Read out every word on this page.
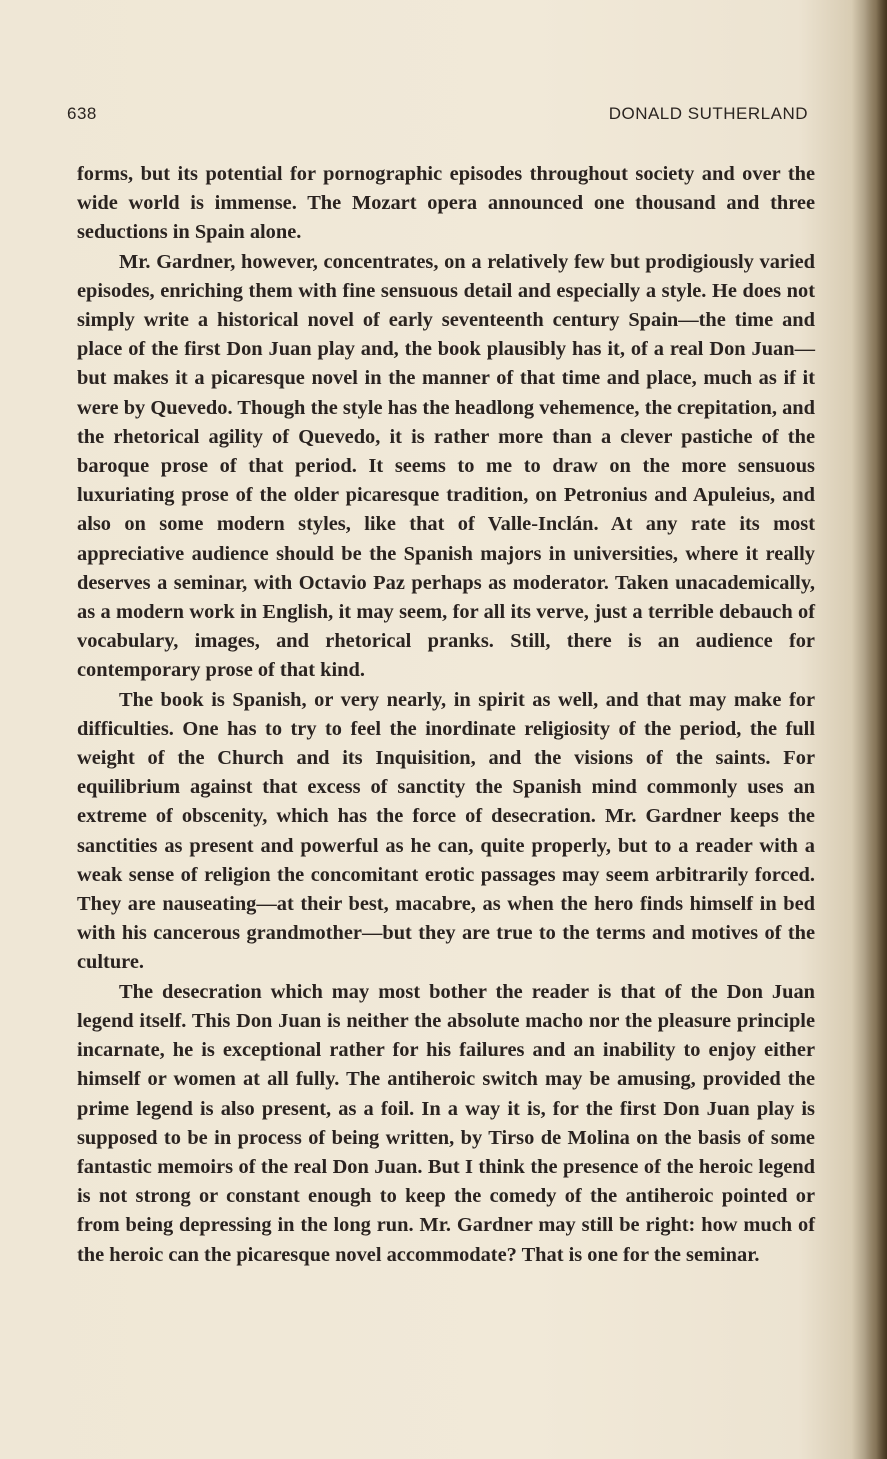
638	DONALD SUTHERLAND

forms, but its potential for pornographic episodes throughout society and over the wide world is immense. The Mozart opera announced one thousand and three seductions in Spain alone.

Mr. Gardner, however, concentrates, on a relatively few but prodigiously varied episodes, enriching them with fine sensuous detail and especially a style. He does not simply write a historical novel of early seventeenth century Spain—the time and place of the first Don Juan play and, the book plausibly has it, of a real Don Juan—but makes it a picaresque novel in the manner of that time and place, much as if it were by Quevedo. Though the style has the headlong vehemence, the crepitation, and the rhetorical agility of Quevedo, it is rather more than a clever pastiche of the baroque prose of that period. It seems to me to draw on the more sensuous luxuriating prose of the older picaresque tradition, on Petronius and Apuleius, and also on some modern styles, like that of Valle-Inclán. At any rate its most appreciative audience should be the Spanish majors in universities, where it really deserves a seminar, with Octavio Paz perhaps as moderator. Taken unacademically, as a modern work in English, it may seem, for all its verve, just a terrible debauch of vocabulary, images, and rhetorical pranks. Still, there is an audience for contemporary prose of that kind.

The book is Spanish, or very nearly, in spirit as well, and that may make for difficulties. One has to try to feel the inordinate religiosity of the period, the full weight of the Church and its Inquisition, and the visions of the saints. For equilibrium against that excess of sanctity the Spanish mind commonly uses an extreme of obscenity, which has the force of desecration. Mr. Gardner keeps the sanctities as present and powerful as he can, quite properly, but to a reader with a weak sense of religion the concomitant erotic passages may seem arbitrarily forced. They are nauseating—at their best, macabre, as when the hero finds himself in bed with his cancerous grandmother—but they are true to the terms and motives of the culture.

The desecration which may most bother the reader is that of the Don Juan legend itself. This Don Juan is neither the absolute macho nor the pleasure principle incarnate, he is exceptional rather for his failures and an inability to enjoy either himself or women at all fully. The antiheroic switch may be amusing, provided the prime legend is also present, as a foil. In a way it is, for the first Don Juan play is supposed to be in process of being written, by Tirso de Molina on the basis of some fantastic memoirs of the real Don Juan. But I think the presence of the heroic legend is not strong or constant enough to keep the comedy of the antiheroic pointed or from being depressing in the long run. Mr. Gardner may still be right: how much of the heroic can the picaresque novel accommodate? That is one for the seminar.
